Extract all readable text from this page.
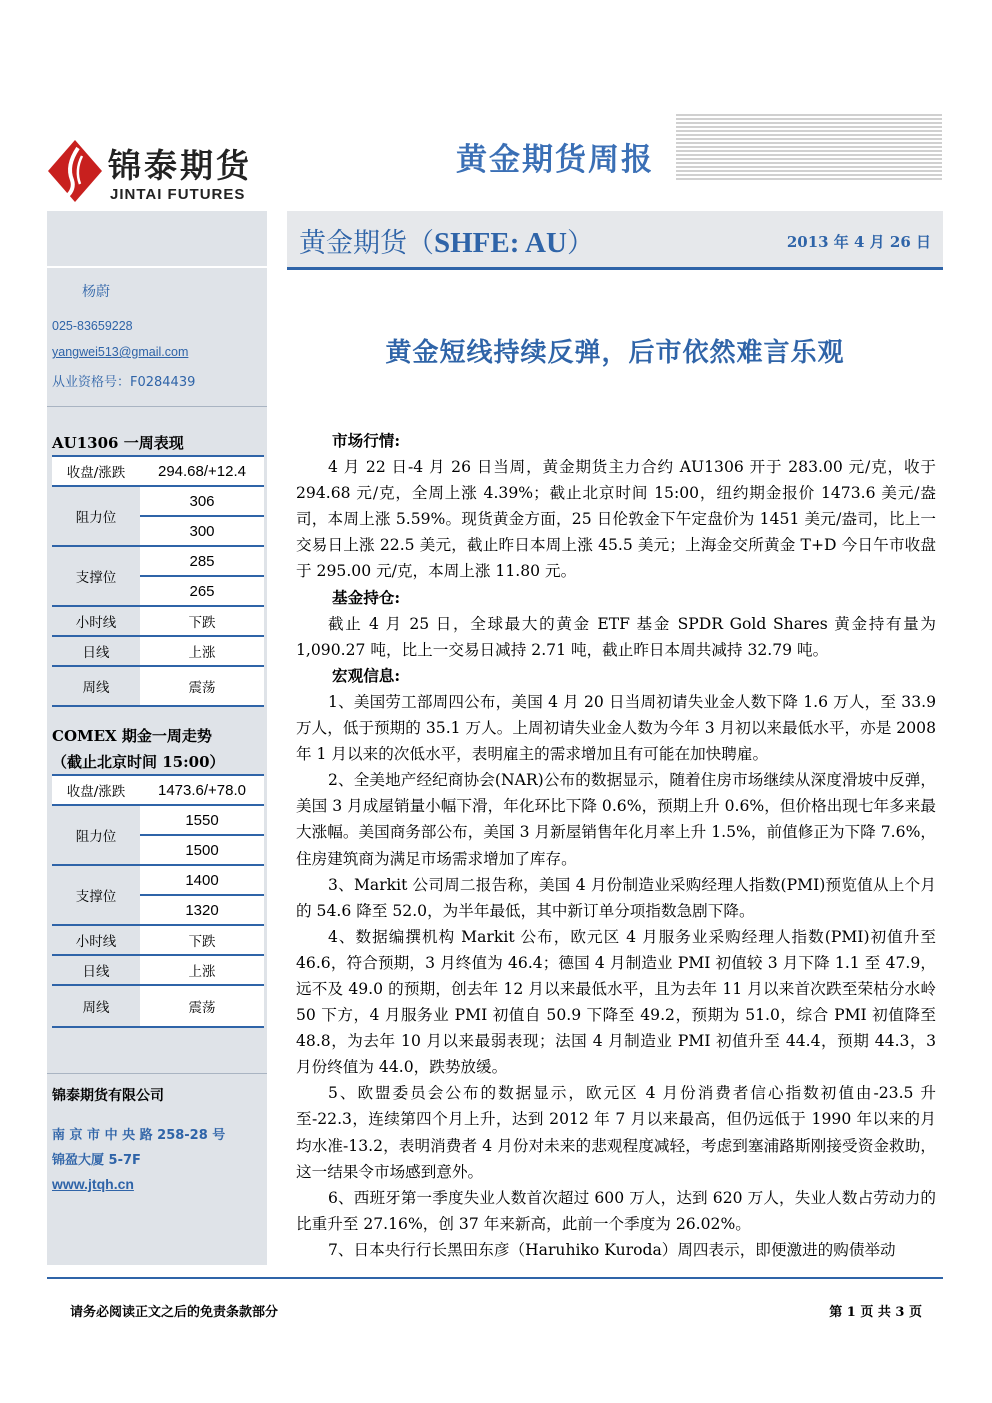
锦泰期货
JINTAI FUTURES
黄金期货周报
黄金期货（SHFE: AU）	2013 年 4 月 26 日
杨蔚
025-83659228
yangwei513@gmail.com
从业资格号：F0284439
AU1306 一周表现
收盘/涨跌	294.68/+12.4
阻力位	306
	300
支撑位	285
	265
小时线	下跌
日线	上涨
周线	震荡
COMEX 期金一周走势
（截止北京时间 15:00）
收盘/涨跌	1473.6/+78.0
阻力位	1550
	1500
支撑位	1400
	1320
小时线	下跌
日线	上涨
周线	震荡
锦泰期货有限公司
南 京 市 中 央 路 258-28 号
锦盈大厦 5-7F
www.jtqh.cn
黄金短线持续反弹，后市依然难言乐观

市场行情:

4 月 22 日-4 月 26 日当周，黄金期货主力合约 AU1306 开于 283.00 元/克，收于 294.68 元/克，全周上涨 4.39%；截止北京时间 15:00，纽约期金报价 1473.6 美元/盎司，本周上涨 5.59%。现货黄金方面，25 日伦敦金下午定盘价为 1451 美元/盎司，比上一交易日上涨 22.5 美元，截止昨日本周上涨 45.5 美元；上海金交所黄金 T+D 今日午市收盘于 295.00 元/克，本周上涨 11.80 元。

基金持仓:

截止 4 月 25 日，全球最大的黄金 ETF 基金 SPDR Gold Shares 黄金持有量为 1,090.27 吨，比上一交易日减持 2.71 吨，截止昨日本周共减持 32.79 吨。

宏观信息:

1、美国劳工部周四公布，美国 4 月 20 日当周初请失业金人数下降 1.6 万人，至 33.9 万人，低于预期的 35.1 万人。上周初请失业金人数为今年 3 月初以来最低水平，亦是 2008 年 1 月以来的次低水平，表明雇主的需求增加且有可能在加快聘雇。

2、全美地产经纪商协会(NAR)公布的数据显示，随着住房市场继续从深度滑坡中反弹，美国 3 月成屋销量小幅下滑，年化环比下降 0.6%，预期上升 0.6%，但价格出现七年多来最大涨幅。美国商务部公布，美国 3 月新屋销售年化月率上升 1.5%，前值修正为下降 7.6%，住房建筑商为满足市场需求增加了库存。

3、Markit 公司周二报告称，美国 4 月份制造业采购经理人指数(PMI)预览值从上个月的 54.6 降至 52.0，为半年最低，其中新订单分项指数急剧下降。

4、数据编撰机构 Markit 公布，欧元区 4 月服务业采购经理人指数(PMI)初值升至 46.6，符合预期，3 月终值为 46.4；德国 4 月制造业 PMI 初值较 3 月下降 1.1 至 47.9，远不及 49.0 的预期，创去年 12 月以来最低水平，且为去年 11 月以来首次跌至荣枯分水岭 50 下方，4 月服务业 PMI 初值自 50.9 下降至 49.2，预期为 51.0，综合 PMI 初值降至 48.8，为去年 10 月以来最弱表现；法国 4 月制造业 PMI 初值升至 44.4，预期 44.3，3 月份终值为 44.0，跌势放缓。

5、欧盟委员会公布的数据显示，欧元区 4 月份消费者信心指数初值由-23.5 升至-22.3，连续第四个月上升，达到 2012 年 7 月以来最高，但仍远低于 1990 年以来的月均水准-13.2，表明消费者 4 月份对未来的悲观程度减轻，考虑到塞浦路斯刚接受资金救助，这一结果令市场感到意外。

6、西班牙第一季度失业人数首次超过 600 万人，达到 620 万人，失业人数占劳动力的比重升至 27.16%，创 37 年来新高，此前一个季度为 26.02%。

7、日本央行行长黑田东彦（Haruhiko Kuroda）周四表示，即便激进的购债举动

请务必阅读正文之后的免责条款部分	第 1 页 共 3 页
